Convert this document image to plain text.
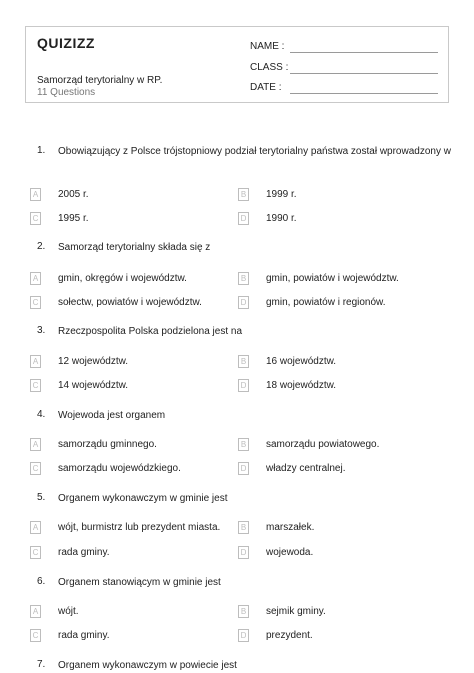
QUIZIZZ
Samorząd terytorialny w RP.
11 Questions
NAME :
CLASS :
DATE :
1. Obowiązujący z Polsce trójstopniowy podział terytorialny państwa został wprowadzony w
A 2005 r.	B 1999 r.
C 1995 r.	D 1990 r.
2. Samorząd terytorialny składa się z
A gmin, okręgów i województw.	B gmin, powiatów i województw.
C sołectw, powiatów i województw.	D gmin, powiatów i regionów.
3. Rzeczpospolita Polska podzielona jest na
A 12 województw.	B 16 województw.
C 14 województw.	D 18 województw.
4. Wojewoda jest organem
A samorządu gminnego.	B samorządu powiatowego.
C samorządu wojewódzkiego.	D władzy centralnej.
5. Organem wykonawczym w gminie jest
A wójt, burmistrz lub prezydent miasta.	B marszałek.
C rada gminy.	D wojewoda.
6. Organem stanowiącym w gminie jest
A wójt.	B sejmik gminy.
C rada gminy.	D prezydent.
7. Organem wykonawczym w powiecie jest
